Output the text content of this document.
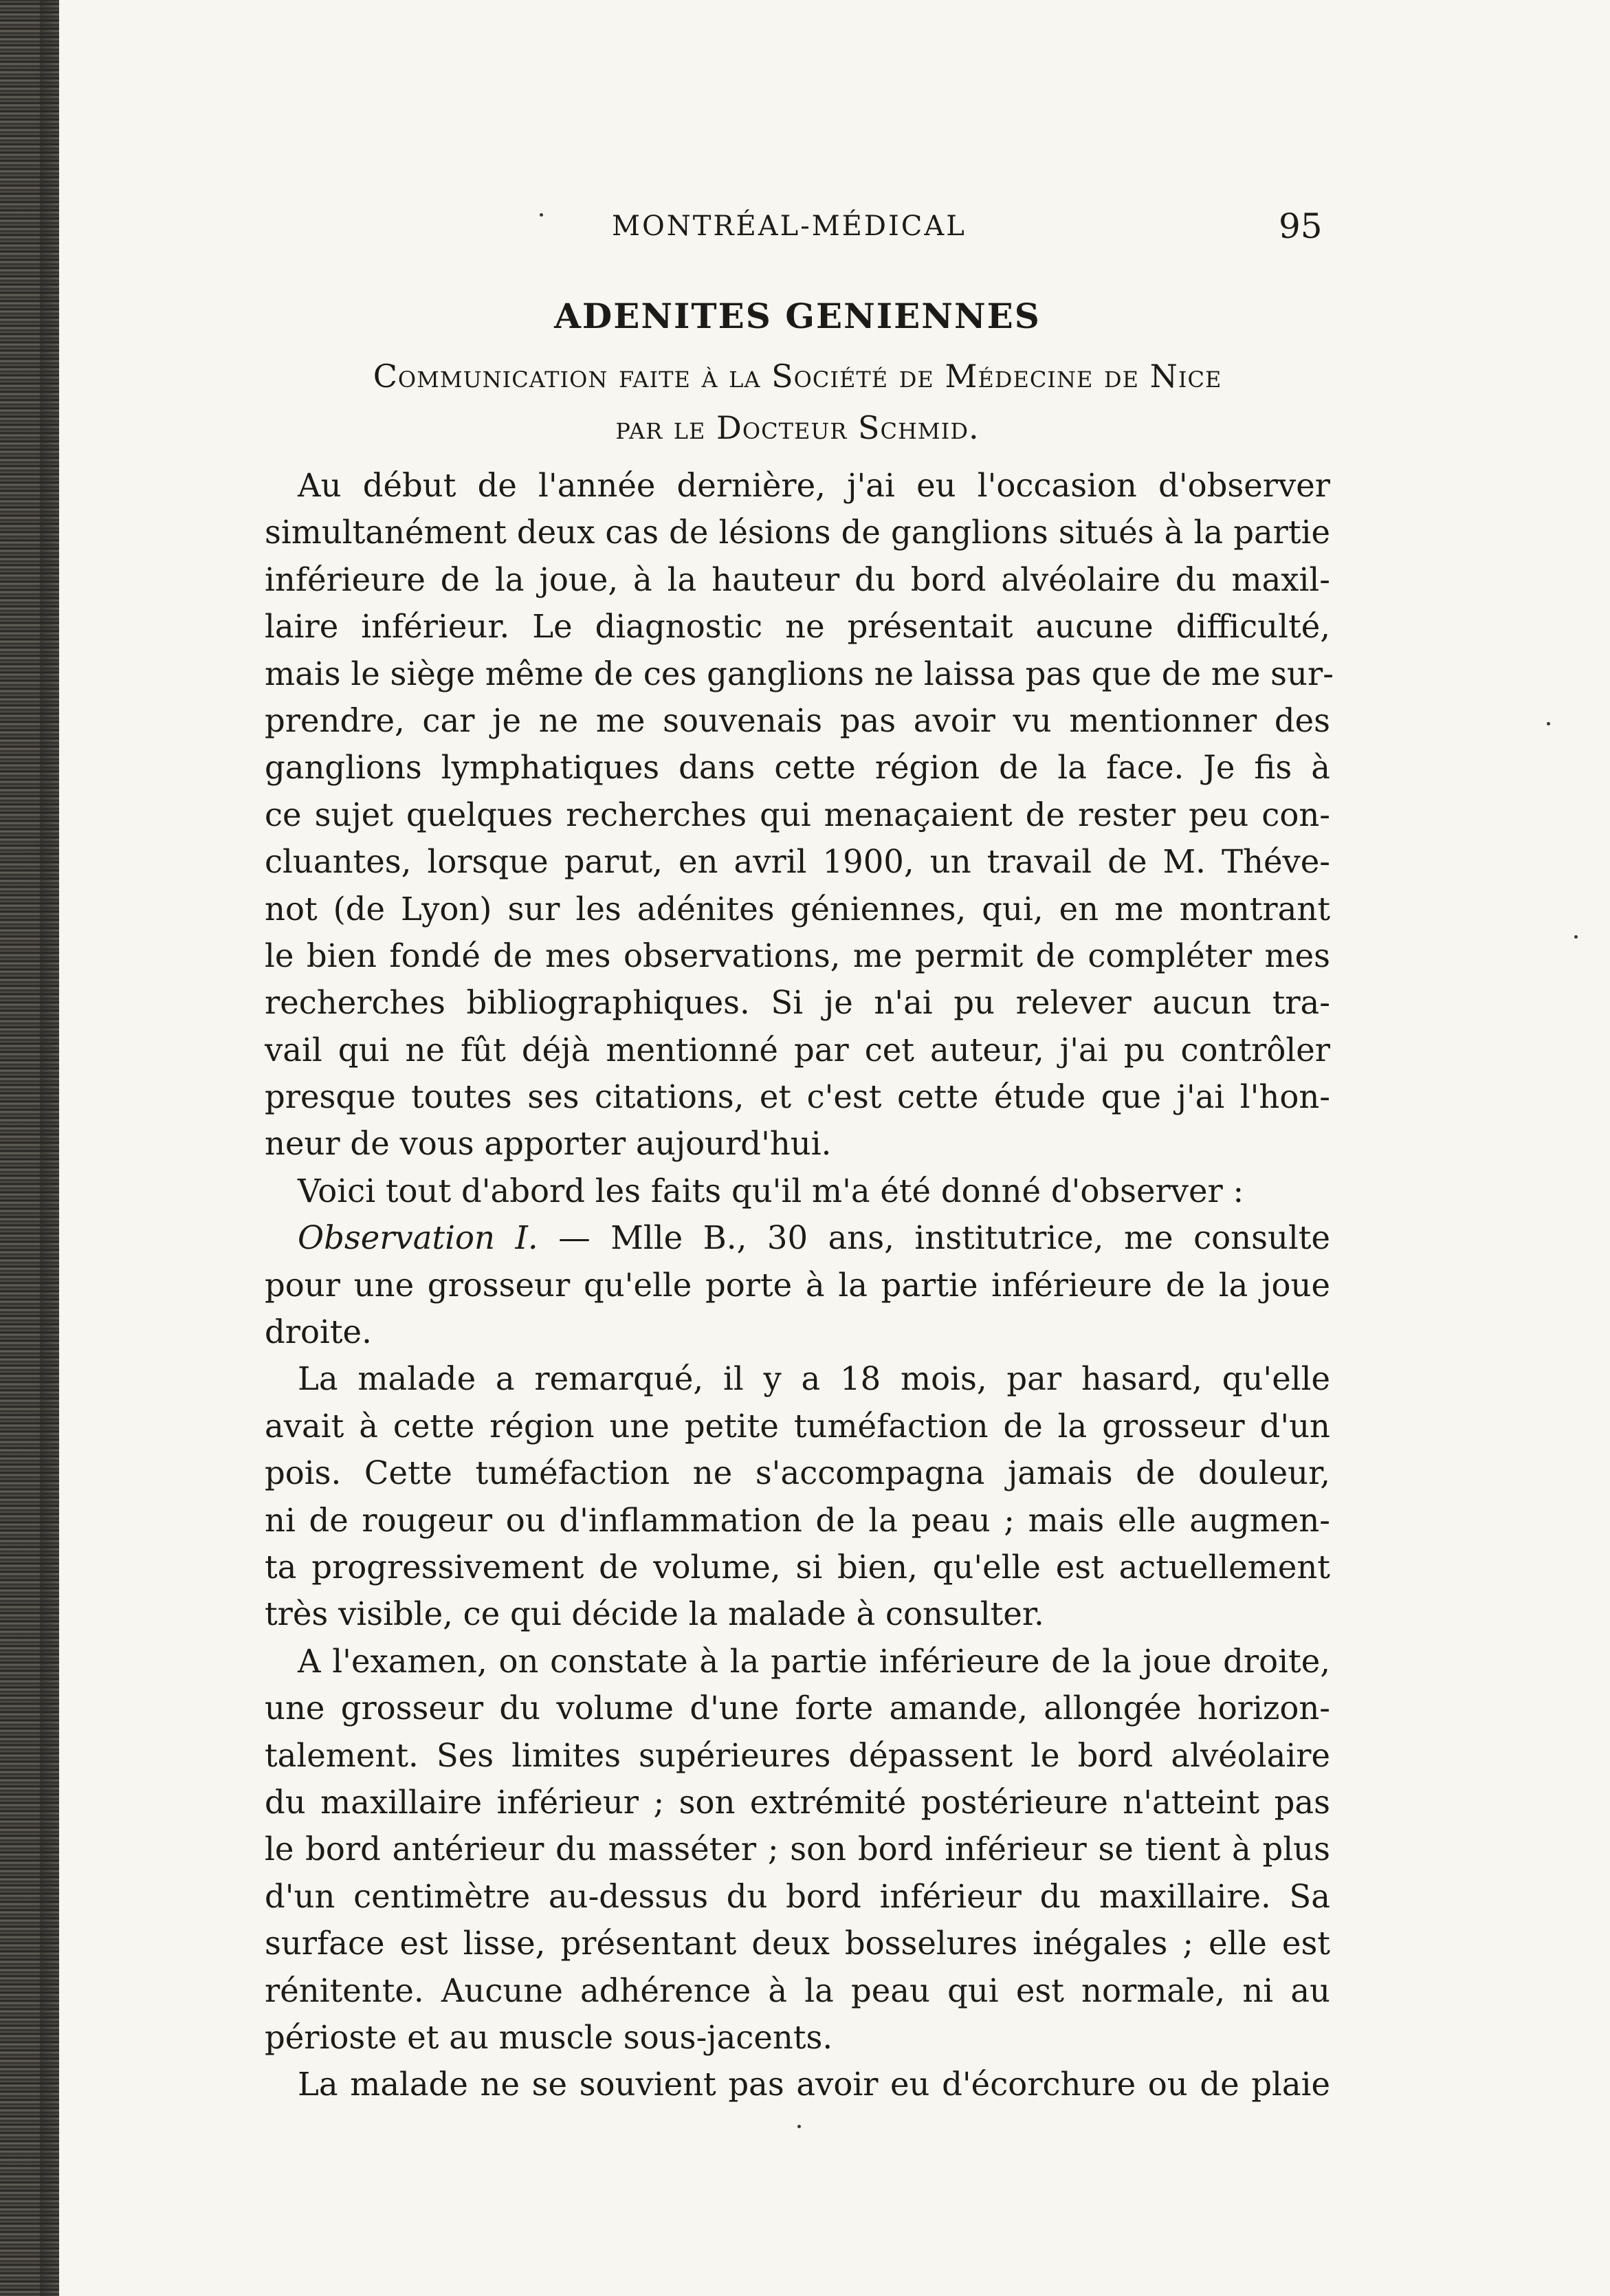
MONTRÉAL-MÉDICAL	95
ADENITES GENIENNES
Communication faite à la Société de Médecine de Nice
par le Docteur Schmid.
Au début de l'année dernière, j'ai eu l'occasion d'observer
simultanément deux cas de lésions de ganglions situés à la partie
inférieure de la joue, à la hauteur du bord alvéolaire du maxil-
laire inférieur. Le diagnostic ne présentait aucune difficulté,
mais le siège même de ces ganglions ne laissa pas que de me sur-
prendre, car je ne me souvenais pas avoir vu mentionner des
ganglions lymphatiques dans cette région de la face. Je fis à
ce sujet quelques recherches qui menaçaient de rester peu con-
cluantes, lorsque parut, en avril 1900, un travail de M. Théve-
not (de Lyon) sur les adénites géniennes, qui, en me montrant
le bien fondé de mes observations, me permit de compléter mes
recherches bibliographiques. Si je n'ai pu relever aucun tra-
vail qui ne fût déjà mentionné par cet auteur, j'ai pu contrôler
presque toutes ses citations, et c'est cette étude que j'ai l'hon-
neur de vous apporter aujourd'hui.
Voici tout d'abord les faits qu'il m'a été donné d'observer :
Observation I. — Mlle B., 30 ans, institutrice, me consulte
pour une grosseur qu'elle porte à la partie inférieure de la joue
droite.
La malade a remarqué, il y a 18 mois, par hasard, qu'elle
avait à cette région une petite tuméfaction de la grosseur d'un
pois. Cette tuméfaction ne s'accompagna jamais de douleur,
ni de rougeur ou d'inflammation de la peau ; mais elle augmen-
ta progressivement de volume, si bien, qu'elle est actuellement
très visible, ce qui décide la malade à consulter.
A l'examen, on constate à la partie inférieure de la joue droite,
une grosseur du volume d'une forte amande, allongée horizon-
talement. Ses limites supérieures dépassent le bord alvéolaire
du maxillaire inférieur ; son extrémité postérieure n'atteint pas
le bord antérieur du masséter ; son bord inférieur se tient à plus
d'un centimètre au-dessus du bord inférieur du maxillaire. Sa
surface est lisse, présentant deux bosselures inégales ; elle est
rénitente. Aucune adhérence à la peau qui est normale, ni au
périoste et au muscle sous-jacents.
La malade ne se souvient pas avoir eu d'écorchure ou de plaie
